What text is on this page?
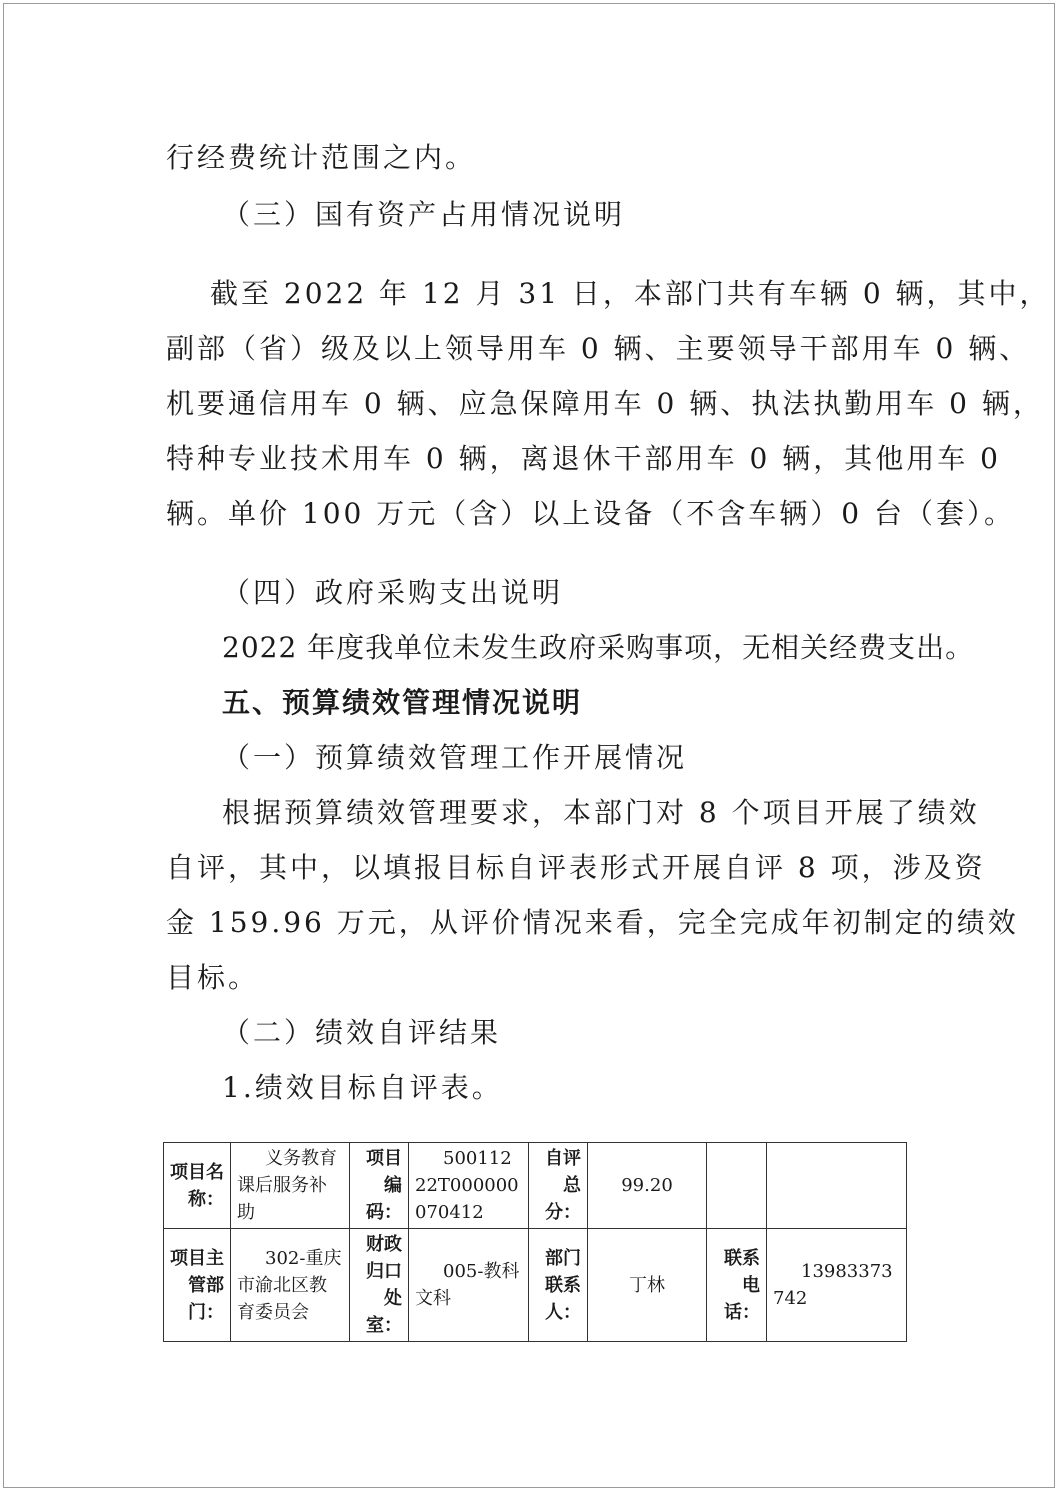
行经费统计范围之内。
（三）国有资产占用情况说明
截至 2022 年 12 月 31 日，本部门共有车辆 0 辆，其中，
副部（省）级及以上领导用车 0 辆、主要领导干部用车 0 辆、
机要通信用车 0 辆、应急保障用车 0 辆、执法执勤用车 0 辆，
特种专业技术用车 0 辆，离退休干部用车 0 辆，其他用车 0
辆。单价 100 万元（含）以上设备（不含车辆）0 台（套）。
（四）政府采购支出说明
2022 年度我单位未发生政府采购事项，无相关经费支出。
五、预算绩效管理情况说明
（一）预算绩效管理工作开展情况
根据预算绩效管理要求，本部门对 8 个项目开展了绩效
自评，其中，以填报目标自评表形式开展自评 8 项，涉及资
金 159.96 万元，从评价情况来看，完全完成年初制定的绩效
目标。
（二）绩效自评结果
1.绩效目标自评表。
项目名称：	义务教育课后服务补助	项目编码：	50011222T000000070412	自评总分：	99.20		
项目主管部门：	302-重庆市渝北区教育委员会	财政归口处室：	005-教科文科	部门联系人：	丁林	联系电话：	13983373742
